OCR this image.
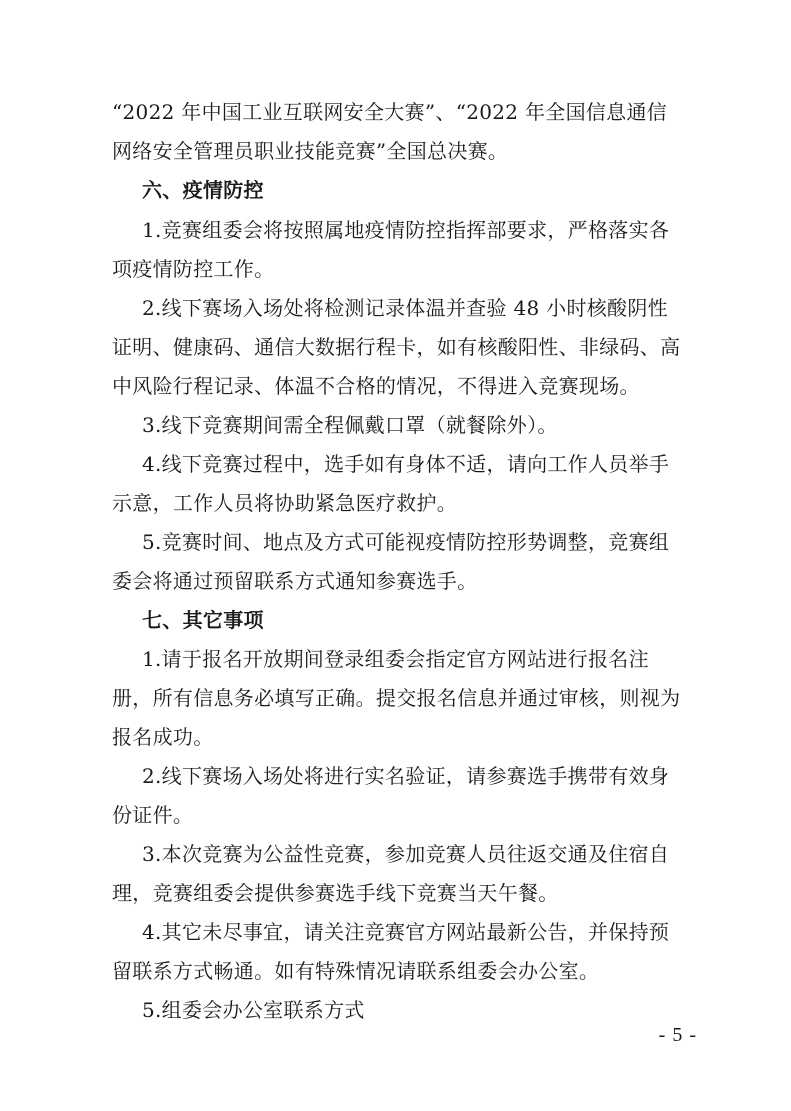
“2022 年中国工业互联网安全大赛”、“2022 年全国信息通信
网络安全管理员职业技能竞赛”全国总决赛。
六、疫情防控
1.竞赛组委会将按照属地疫情防控指挥部要求，严格落实各
项疫情防控工作。
2.线下赛场入场处将检测记录体温并查验 48 小时核酸阴性
证明、健康码、通信大数据行程卡，如有核酸阳性、非绿码、高
中风险行程记录、体温不合格的情况，不得进入竞赛现场。
3.线下竞赛期间需全程佩戴口罩（就餐除外）。
4.线下竞赛过程中，选手如有身体不适，请向工作人员举手
示意，工作人员将协助紧急医疗救护。
5.竞赛时间、地点及方式可能视疫情防控形势调整，竞赛组
委会将通过预留联系方式通知参赛选手。
七、其它事项
1.请于报名开放期间登录组委会指定官方网站进行报名注
册，所有信息务必填写正确。提交报名信息并通过审核，则视为
报名成功。
2.线下赛场入场处将进行实名验证，请参赛选手携带有效身
份证件。
3.本次竞赛为公益性竞赛，参加竞赛人员往返交通及住宿自
理，竞赛组委会提供参赛选手线下竞赛当天午餐。
4.其它未尽事宜，请关注竞赛官方网站最新公告，并保持预
留联系方式畅通。如有特殊情况请联系组委会办公室。
5.组委会办公室联系方式
- 5 -
